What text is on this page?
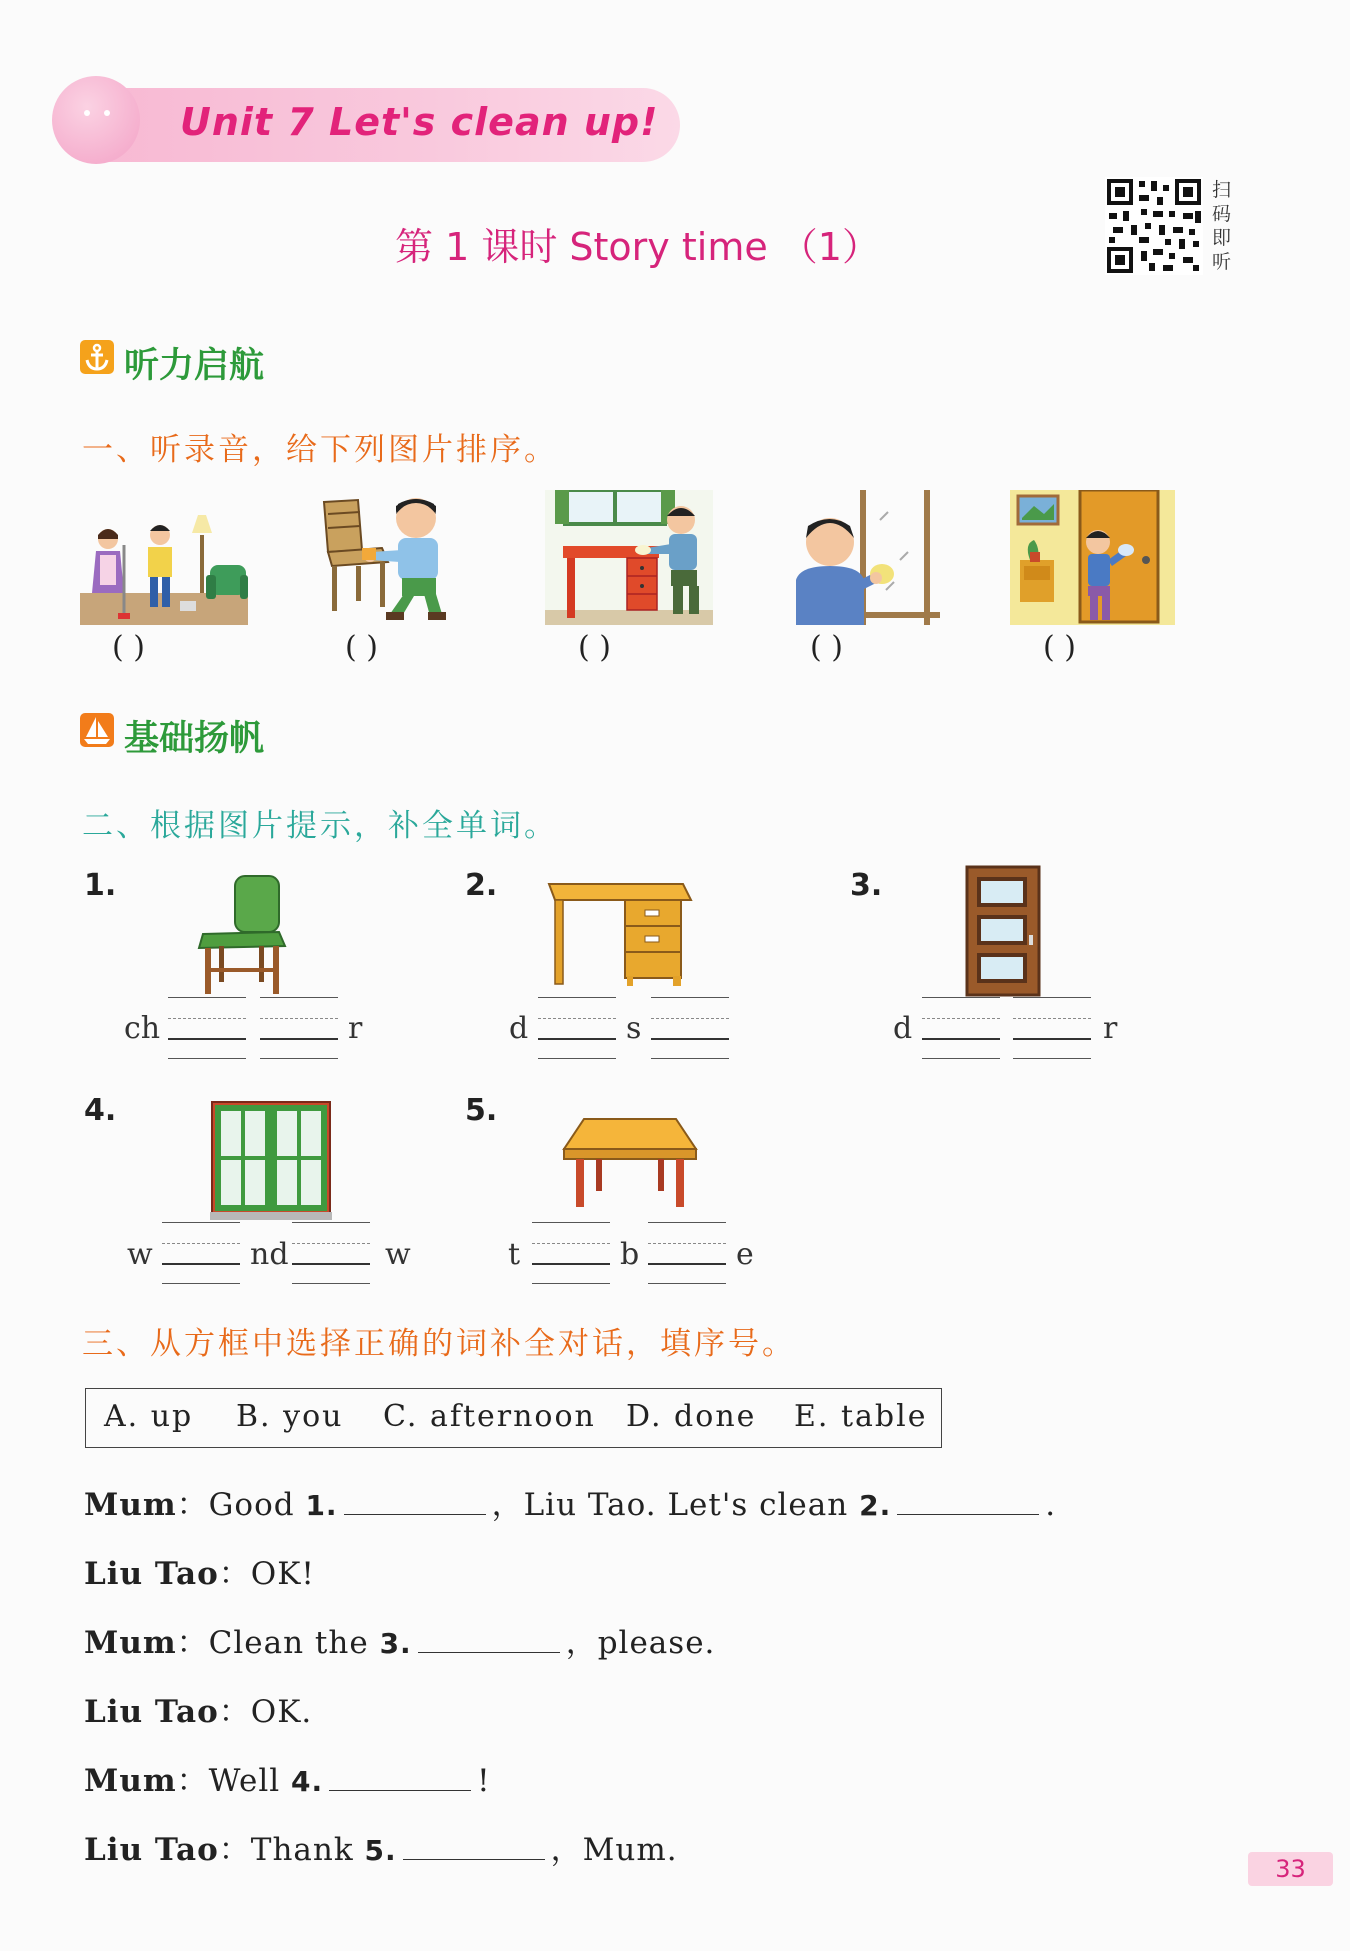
Unit 7 Let's clean up!
第 1 课时 Story time （1）
扫码即听
听力启航
一、听录音，给下列图片排序。
( )	( )	( )	( )	( )
基础扬帆
二、根据图片提示，补全单词。
1.
ch	r
2.
d	s
3.
d	r
4.
w	nd	w
5.
t	b	e
三、从方框中选择正确的词补全对话，填序号。
A. up B. you C. afternoon D. done E. table
Mum：Good 1.	，Liu Tao. Let's clean 2.	.
Liu Tao：OK!
Mum：Clean the 3.	，please.
Liu Tao：OK.
Mum：Well 4.	!
Liu Tao：Thank 5.	，Mum.
33
